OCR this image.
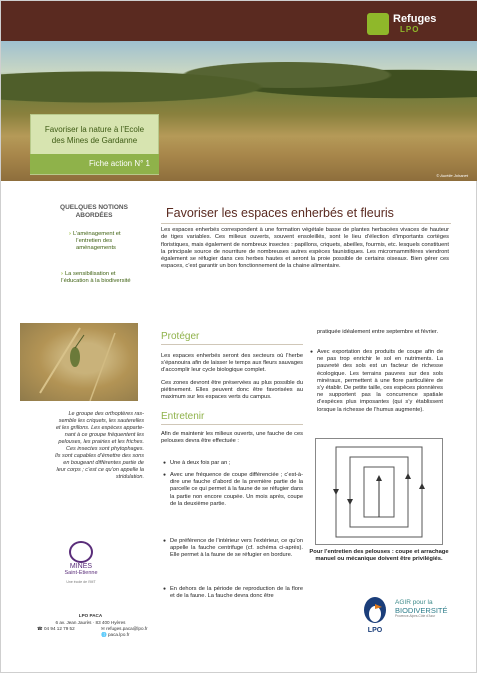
Refuges
LPO
© Aurélie Johanet
Favoriser la nature à l’Ecole
des Mines de Gardanne
Fiche action N° 1
QUELQUES NOTIONS
ABORDÉES
› L’aménagement et
l’entretien des
aménagements
› La sensibilisation et
l’éducation à la biodiversité
Le groupe des orthoptères ras-
semble les criquets, les sauterelles
et les grillons. Les espèces apparte-
nant à ce groupe fréquentent les
pelouses, les prairies et les friches.
Ces insectes sont phytophages.
Ils sont capables d’émettre des sons
en bougeant différentes partie de
leur corps ; c’est ce qu’on appelle la
stridulation.
MINES
Saint-Etienne
Une école de l’IMT
LPO PACA
6 av. Jean Jaurès · 83 400 Hyères
☎ 04 94 12 79 52	✉ refuges.paca@lpo.fr
🌐 paca.lpo.fr
Favoriser les espaces enherbés et fleuris

Les espaces enherbés correspondent à une formation végétale basse de plantes herbacées vivaces de hauteur de tiges variables. Ces milieux ouverts, souvent ensoleillés, sont le lieu d’élection d’importants cortèges floristiques, mais également de nombreux insectes : papillons, criquets, abeilles, fourmis, etc. lesquels constituent la principale source de nourriture de nombreuses autres espèces faunistiques. Les micromammifères viendront également se réfugier dans ces herbes hautes et seront la proie possible de certains oiseaux. Bien gérer ces espaces, c’est garantir un bon fonctionnement de la chaine alimentaire.

Protéger

Les espaces enherbés seront des secteurs où l’herbe s’épanouira afin de laisser le temps aux fleurs sauvages d’accomplir leur cycle biologique complet.

Ces zones devront être préservées au plus possible du piétinement. Elles peuvent donc être favorisées au maximum sur les espaces verts du campus.

Entretenir

Afin de maintenir les milieux ouverts, une fauche de ces pelouses devra être effectuée :

● Une à deux fois par an ;
● Avec une fréquence de coupe différenciée ; c’est-à-dire une fauche d’abord de la première partie de la parcelle ce qui permet à la faune de se réfugier dans la partie non encore coupée. Un mois après, coupe de la deuxième partie.
● De préférence de l’intérieur vers l’extérieur, ce qu’on appelle la fauche centrifuge (cf. schéma ci-après). Elle permet à la faune de se réfugier en bordure.
● En dehors de la période de reproduction de la flore et de la faune. La fauche devra donc être

pratiquée idéalement entre septembre et février.

● Avec exportation des produits de coupe afin de ne pas trop enrichir le sol en nutriments. La pauvreté des sols est un facteur de richesse écologique. Les terrains pauvres sur des sols minéraux, permettent à une flore particulière de s’y établir. De petite taille, ces espèces pionnières ne supportent pas la concurrence spatiale d’espèces plus imposantes (qui s’y établissent lorsque la richesse de l’humus augmente).
Pour l’entretien des pelouses : coupe et arrachage manuel ou mécanique doivent être privilégiés.
LPO
AGIR pour la
BIODIVERSITÉ
Provence-Alpes-Côte d’Azur
